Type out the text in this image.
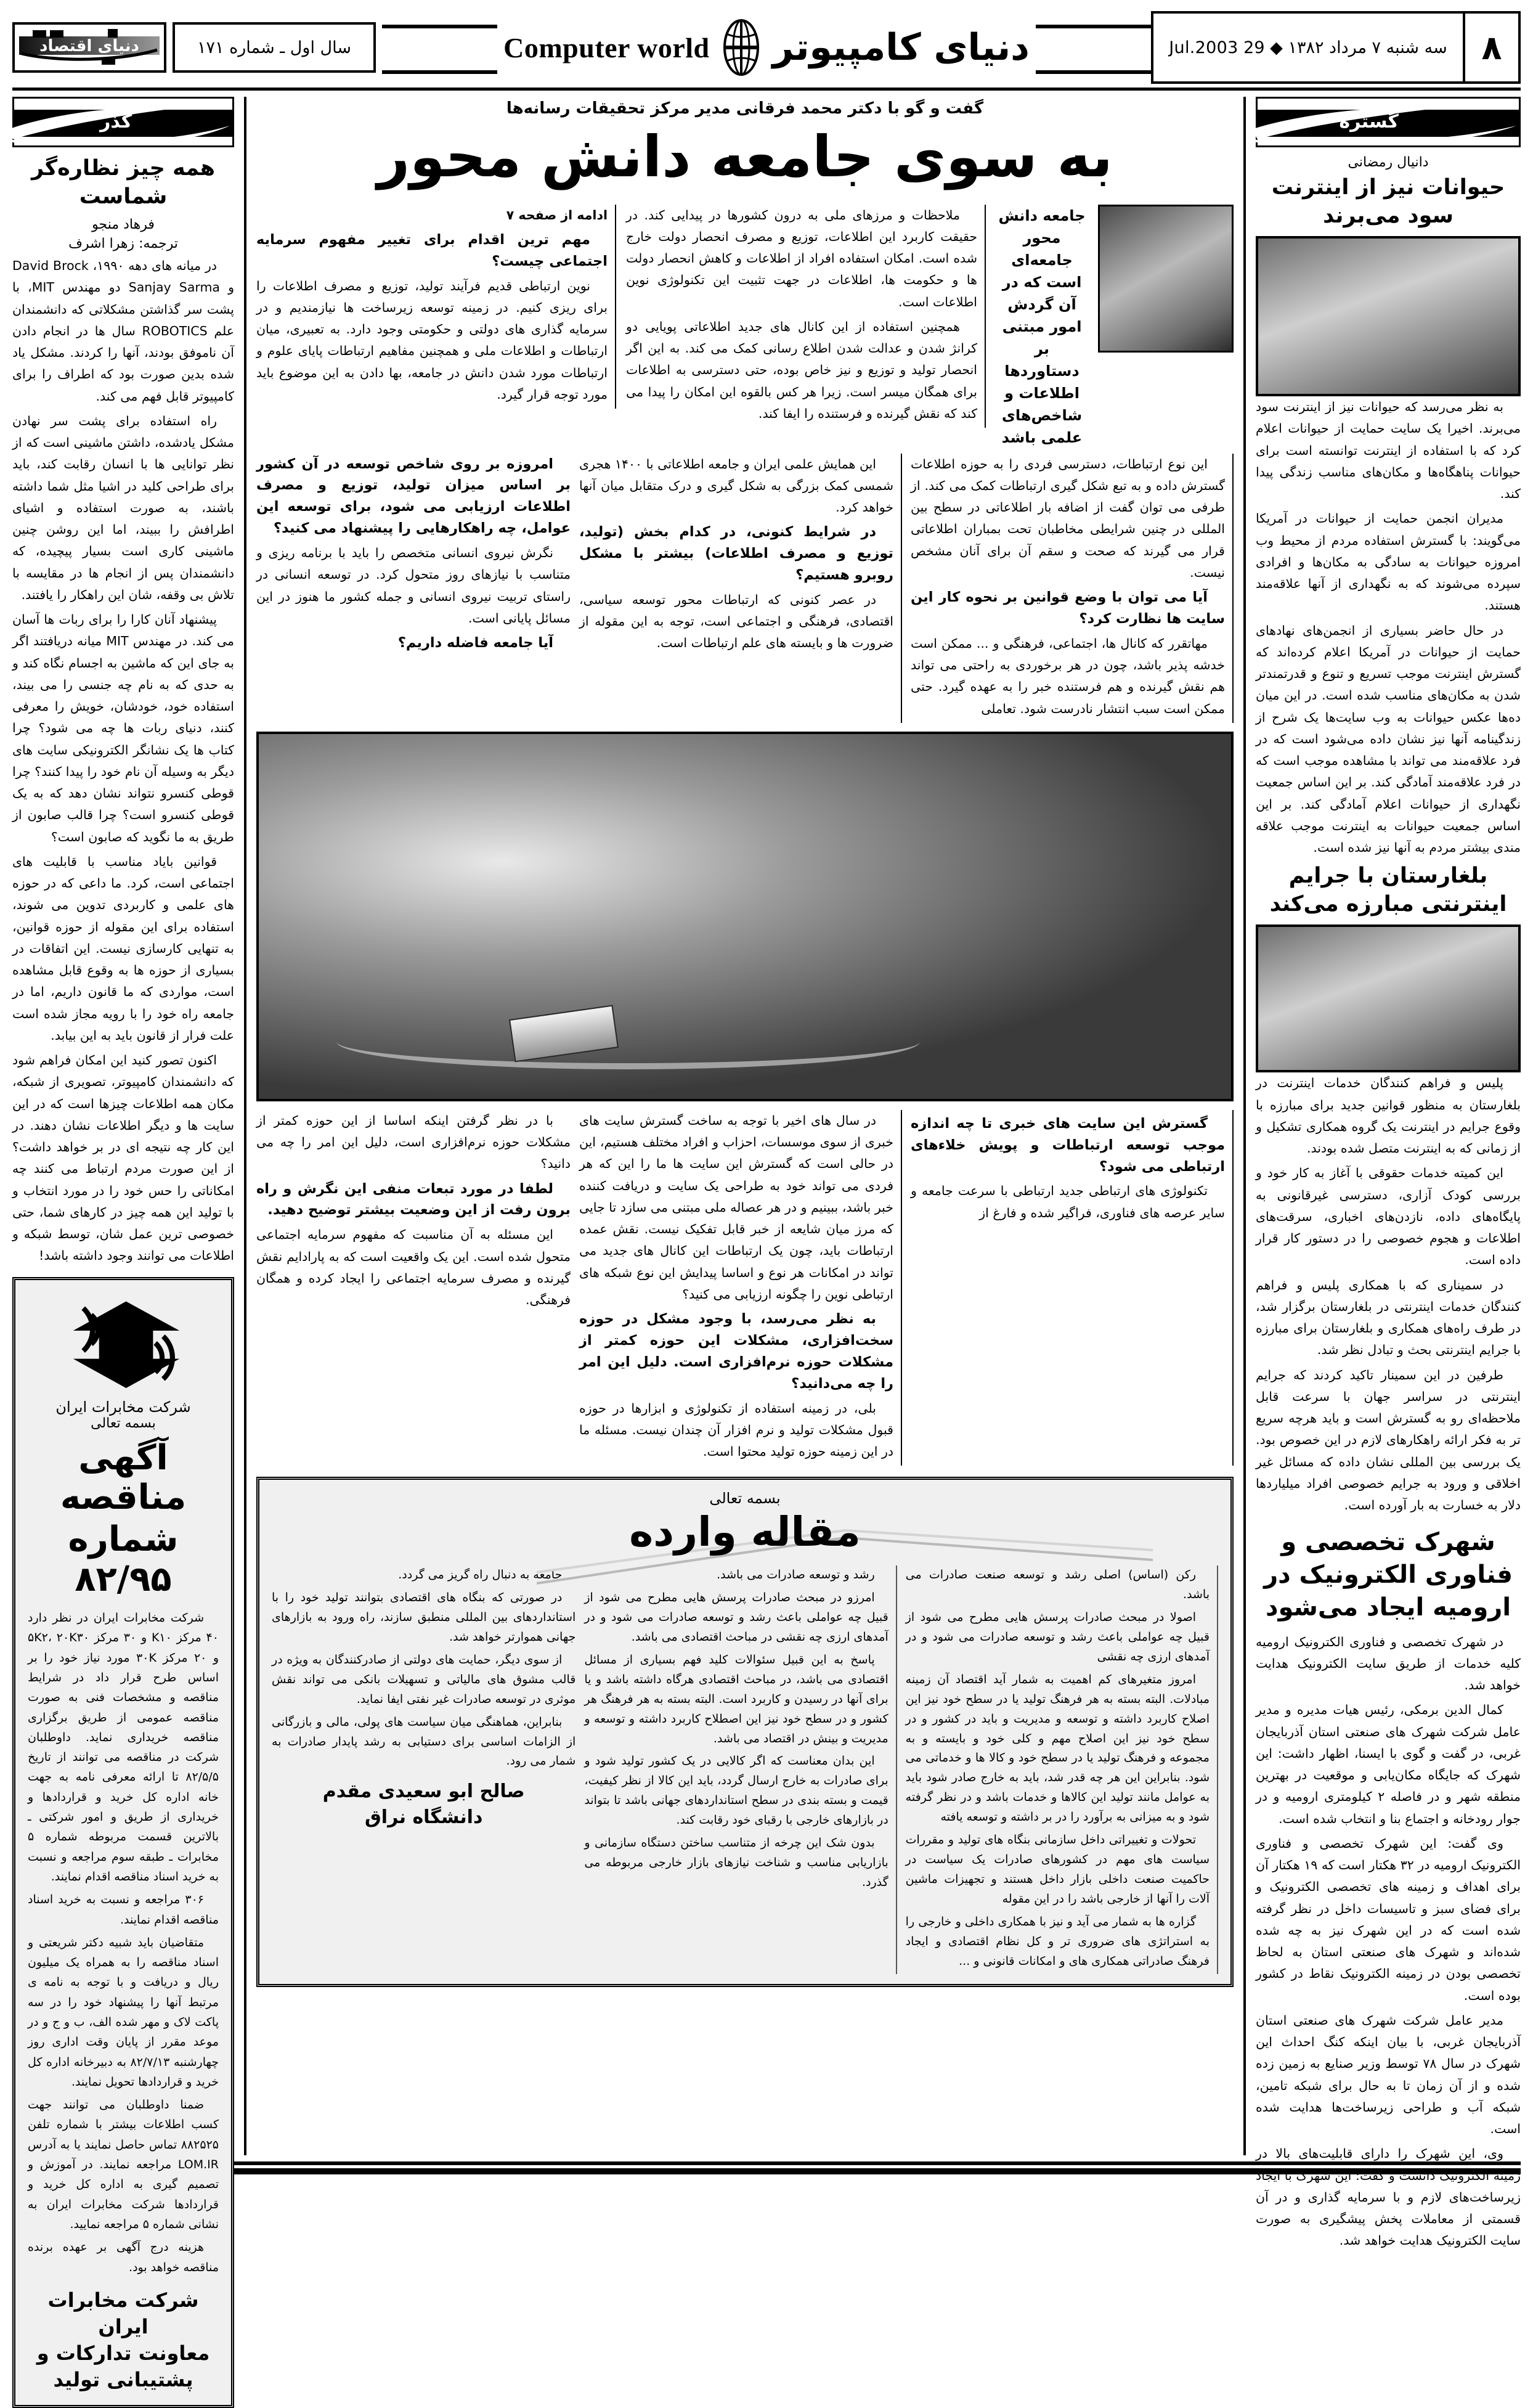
۸
سه شنبه ۷ مرداد ۱۳۸۲ ◆ 29 Jul.2003
دنیای کامپیوتر
Computer world
سال اول ـ شماره ۱۷۱
دنیای اقتصاد
گستره
دانیال رمضانی
حیوانات نیز از اینترنت سود می‌برند

به نظر می‌رسد که حیوانات نیز از اینترنت سود می‌برند. اخیرا یک سایت حمایت از حیوانات اعلام کرد که با استفاده از اینترنت توانسته است برای حیوانات پناهگاه‌ها و مکان‌های مناسب زندگی پیدا کند.

مدیران انجمن حمایت از حیوانات در آمریکا می‌گویند: با گسترش استفاده مردم از محیط وب امروزه حیوانات به سادگی به مکان‌ها و افرادی سپرده می‌شوند که به نگهداری از آنها علاقه‌مند هستند.

در حال حاضر بسیاری از انجمن‌های نهادهای حمایت از حیوانات در آمریکا اعلام کرده‌اند که گسترش اینترنت موجب تسریع و تنوع و قدرتمندتر شدن به مکان‌های مناسب شده است. در این میان ده‌ها عکس حیوانات به وب سایت‌ها یک شرح از زندگینامه آنها نیز نشان داده می‌شود است که در فرد علاقه‌مند می تواند با مشاهده موجب است که در فرد علاقه‌مند آمادگی کند. بر این اساس جمعیت نگهداری از حیوانات اعلام آمادگی کند. بر این اساس جمعیت حیوانات به اینترنت موجب علاقه مندی بیشتر مردم به آنها نیز شده است.

بلغارستان با جرایم اینترنتی مبارزه می‌کند

پلیس و فراهم کنندگان خدمات اینترنت در بلغارستان به منظور قوانین جدید برای مبارزه با وقوع جرایم در اینترنت یک گروه همکاری تشکیل و از زمانی که به اینترنت متصل شده بودند.

این کمیته خدمات حقوقی با آغاز به کار خود و بررسی کودک آزاری، دسترسی غیرقانونی به پایگاه‌های داده، نازدن‌های اخباری، سرقت‌های اطلاعات و هجوم خصوصی را در دستور کار قرار داده است.

در سمیناری که با همکاری پلیس و فراهم کنندگان خدمات اینترنتی در بلغارستان برگزار شد، در طرف راه‌های همکاری و بلغارستان برای مبارزه با جرایم اینترنتی بحث و تبادل نظر شد.

طرفین در این سمینار تاکید کردند که جرایم اینترنتی در سراسر جهان با سرعت قابل ملاحظه‌ای رو به گسترش است و باید هرچه سریع تر به فکر ارائه راهکارهای لازم در این خصوص بود. یک بررسی بین المللی نشان داده که مسائل غیر اخلاقی و ورود به جرایم خصوصی افراد میلیاردها دلار به خسارت به بار آورده است.

شهرک تخصصی و فناوری الکترونیک در ارومیه ایجاد می‌شود

در شهرک تخصصی و فناوری الکترونیک ارومیه کلیه خدمات از طریق سایت الکترونیک هدایت خواهد شد.

کمال الدین برمکی، رئیس هیات مدیره و مدیر عامل شرکت شهرک های صنعتی استان آذربایجان غربی، در گفت و گوی با ایسنا، اظهار داشت: این شهرک که جایگاه مکان‌یابی و موقعیت در بهترین منطقه شهر و در فاصله ۲ کیلومتری ارومیه و در جوار رودخانه و اجتماع بنا و انتخاب شده است.

وی گفت: این شهرک تخصصی و فناوری الکترونیک ارومیه در ۳۲ هکتار است که ۱۹ هکتار آن برای اهداف و زمینه های تخصصی الکترونیک و برای فضای سبز و تاسیسات داخل در نظر گرفته شده است که در این شهرک نیز به چه شده شده‌اند و شهرک های صنعتی استان به لحاظ تخصصی بودن در زمینه الکترونیک نقاط در کشور بوده است.

مدیر عامل شرکت شهرک های صنعتی استان آذربایجان غربی، با بیان اینکه کنگ احداث این شهرک در سال ۷۸ توسط وزیر صنایع به زمین زده شده و از آن زمان تا به حال برای شبکه تامین، شبکه آب و طراحی زیرساخت‌ها هدایت شده است.

وی، این شهرک را دارای قابلیت‌های بالا در زمینه الکترونیک دانست و گفت: این شهرک با ایجاد زیرساخت‌های لازم و با سرمایه گذاری و در آن قسمتی از معاملات پخش پیشگیری به صورت سایت الکترونیک هدایت خواهد شد.

گفت و گو با دکتر محمد فرقانی مدیر مرکز تحقیقات رسانه‌ها
به سوی جامعه دانش محور
جامعه دانش محور جامعه‌ای است که در آن گردش امور مبتنی بر دستاوردها اطلاعات و شاخص‌های علمی باشد

ملاحظات و مرزهای ملی به درون کشورها در پیدایی کند. در حقیقت کاربرد این اطلاعات، توزیع و مصرف انحصار دولت خارج شده است. امکان استفاده افراد از اطلاعات و کاهش انحصار دولت ها و حکومت ها، اطلاعات در جهت تثبیت این تکنولوژی نوین اطلاعات است.

همچنین استفاده از این کانال های جدید اطلاعاتی پویایی دو کرانژ شدن و عدالت شدن اطلاع رسانی کمک می کند. به این اگر انحصار تولید و توزیع و نیز خاص بوده، حتی دسترسی به اطلاعات برای همگان میسر است. زیرا هر کس بالقوه این امکان را پیدا می کند که نقش گیرنده و فرستنده را ایفا کند.

ادامه از صفحه ۷

مهم ترین اقدام برای تغییر مفهوم سرمایه اجتماعی چیست؟

نوین ارتباطی قدیم فرآیند تولید، توزیع و مصرف اطلاعات را برای ریزی کنیم. در زمینه توسعه زیرساخت ها نیازمندیم و در سرمایه گذاری های دولتی و حکومتی وجود دارد. به تعبیری، میان ارتباطات و اطلاعات ملی و همچنین مفاهیم ارتباطات پایای علوم و ارتباطات مورد شدن دانش در جامعه، بها دادن به این موضوع باید مورد توجه قرار گیرد.

این نوع ارتباطات، دسترسی فردی را به حوزه اطلاعات گسترش داده و به تبع شکل گیری ارتباطات کمک می کند. از طرفی می توان گفت از اضافه بار اطلاعاتی در سطح بین المللی در چنین شرایطی مخاطبان تحت بمباران اطلاعاتی قرار می گیرند که صحت و سقم آن برای آنان مشخص نیست.

آیا می توان با وضع قوانین بر نحوه کار این سایت ها نظارت کرد؟

مهاتقرر که کانال ها، اجتماعی، فرهنگی و ... ممکن است خدشه پذیر باشد، چون در هر برخوردی به راحتی می تواند هم نقش گیرنده و هم فرستنده خبر را به عهده گیرد. حتی ممکن است سبب انتشار نادرست شود. تعاملی

این همایش علمی ایران و جامعه اطلاعاتی با ۱۴۰۰ هجری شمسی کمک بزرگی به شکل گیری و درک متقابل میان آنها خواهد کرد.

در شرایط کنونی، در کدام بخش (تولید، توزیع و مصرف اطلاعات) بیشتر با مشکل روبرو هستیم؟

در عصر کنونی که ارتباطات محور توسعه سیاسی، اقتصادی، فرهنگی و اجتماعی است، توجه به این مقوله از ضرورت ها و بایسته های علم ارتباطات است.

امروزه بر روی شاخص توسعه در آن کشور بر اساس میزان تولید، توزیع و مصرف اطلاعات ارزیابی می شود، برای توسعه این عوامل، چه راهکارهایی را پیشنهاد می کنید؟

نگرش نیروی انسانی متخصص را باید با برنامه ریزی و متناسب با نیازهای روز متحول کرد. در توسعه انسانی در راستای تربیت نیروی انسانی و جمله کشور ما هنوز در این مسائل پایانی است.

آیا جامعه فاضله داریم؟

گسترش این سایت های خبری تا چه اندازه موجب توسعه ارتباطات و پویش خلاءهای ارتباطی می شود؟

تکنولوژی های ارتباطی جدید ارتباطی با سرعت جامعه و سایر عرصه های فناوری، فراگیر شده و فارغ از

در سال های اخیر با توجه به ساخت گسترش سایت های خبری از سوی موسسات، احزاب و افراد مختلف هستیم، این در حالی است که گسترش این سایت ها ما را این که هر فردی می تواند خود به طراحی یک سایت و دریافت کننده خبر باشد، ببینیم و در هر عصاله ملی مبتنی می سازد تا جایی که مرز میان شایعه از خبر قابل تفکیک نیست. نقش عمده ارتباطات باید، چون یک ارتباطات این کانال های جدید می تواند در امکانات هر نوع و اساسا پیدایش این نوع شبکه های ارتباطی نوین را چگونه ارزیابی می کنید؟

به نظر می‌رسد، با وجود مشکل در حوزه سخت‌افزاری، مشکلات این حوزه کمتر از مشکلات حوزه نرم‌افزاری است. دلیل این امر را چه می‌دانید؟

بلی، در زمینه استفاده از تکنولوژی و ابزارها در حوزه قبول مشکلات تولید و نرم افزار آن چندان نیست. مسئله ما در این زمینه حوزه تولید محتوا است.

با در نظر گرفتن اینکه اساسا از این حوزه کمتر از مشکلات حوزه نرم‌افزاری است، دلیل این امر را چه می دانید؟

لطفا در مورد تبعات منفی این نگرش و راه برون رفت از این وضعیت بیشتر توضیح دهید.

این مسئله به آن مناسبت که مفهوم سرمایه اجتماعی متحول شده است. این یک واقعیت است که به پارادایم نقش گیرنده و مصرف سرمایه اجتماعی را ایجاد کرده و همگان فرهنگی.

بسمه تعالی
مقاله وارده

رکن (اساس) اصلی رشد و توسعه صنعت صادرات می باشد.

اصولا در مبحث صادرات پرسش هایی مطرح می شود از قبیل چه عواملی باعث رشد و توسعه صادرات می شود و در آمدهای ارزی چه نقشی

امروز متغیرهای کم اهمیت به شمار آید اقتصاد آن زمینه مبادلات. البته بسته به هر فرهنگ تولید یا در سطح خود نیز این اصلاح کاربرد داشته و توسعه و مدیریت و باید در کشور و در سطح خود نیز این اصلاح مهم و کلی خود و بایسته و به مجموعه و فرهنگ تولید یا در سطح خود و کالا ها و خدماتی می شود. بنابراین این هر چه قدر شد، باید به خارج صادر شود باید به عوامل مانند تولید این کالاها و خدمات باشد و در نظر گرفته شود و به میزانی به برآورد را در بر داشته و توسعه یافته

تحولات و تغییراتی داخل سازمانی بنگاه های تولید و مقررات سیاست های مهم در کشورهای صادرات یک سیاست در حاکمیت صنعت داخلی بازار داخل هستند و تجهیزات ماشین آلات را آنها از خارجی باشد را در این مقوله

گزاره ها به شمار می آید و نیز با همکاری داخلی و خارجی را به استراتژی های ضروری تر و کل نظام اقتصادی و ایجاد فرهنگ صادراتی همکاری های و امکانات قانونی و ...

رشد و توسعه صادرات می باشد.

امرزو در مبحث صادرات پرسش هایی مطرح می شود از قبیل چه عواملی باعث رشد و توسعه صادرات می شود و در آمدهای ارزی چه نقشی در مباحث اقتصادی می باشد.

پاسخ به این قبیل سئوالات کلید فهم بسیاری از مسائل اقتصادی می باشد، در مباحث اقتصادی هرگاه داشته باشد و یا برای آنها در رسیدن و کاربرد است. البته بسته به هر فرهنگ هر کشور و در سطح خود نیز این اصطلاح کاربرد داشته و توسعه و مدیریت و بینش در اقتصاد می باشد.

این بدان معناست که اگر کالایی در یک کشور تولید شود و برای صادرات به خارج ارسال گردد، باید این کالا از نظر کیفیت، قیمت و بسته بندی در سطح استانداردهای جهانی باشد تا بتواند در بازارهای خارجی با رقبای خود رقابت کند.

بدون شک این چرخه از متناسب ساختن دستگاه سازمانی و بازاریابی مناسب و شناخت نیازهای بازار خارجی مربوطه می گذرد.

جامعه به دنبال راه گریز می گردد.

در صورتی که بنگاه های اقتصادی بتوانند تولید خود را با استانداردهای بین المللی منطبق سازند، راه ورود به بازارهای جهانی هموارتر خواهد شد.

از سوی دیگر، حمایت های دولتی از صادرکنندگان به ویژه در قالب مشوق های مالیاتی و تسهیلات بانکی می تواند نقش موثری در توسعه صادرات غیر نفتی ایفا نماید.

بنابراین، هماهنگی میان سیاست های پولی، مالی و بازرگانی از الزامات اساسی برای دستیابی به رشد پایدار صادرات به شمار می رود.

صالح ابو سعیدی مقدم
دانشگاه نراق
گذر
همه چیز نظاره‌گر شماست
فرهاد منجو
ترجمه: زهرا اشرف

در میانه های دهه ۱۹۹۰، David Brock و Sanjay Sarma دو مهندس MIT، با پشت سر گذاشتن مشکلاتی که دانشمندان علم ROBOTICS سال ها در انجام دادن آن ناموفق بودند، آنها را کردند. مشکل یاد شده بدین صورت بود که اطراف را برای کامپیوتر قابل فهم می کند.

راه استفاده برای پشت سر نهادن مشکل یادشده، داشتن ماشینی است که از نظر توانایی ها با انسان رقابت کند، باید برای طراحی کلید در اشیا مثل شما داشته باشند، به صورت استفاده و اشیای اطرافش را ببیند، اما این روشن چنین ماشینی کاری است بسیار پیچیده، که دانشمندان پس از انجام ها در مقایسه با تلاش بی وقفه، شان این راهکار را یافتند.

پیشنهاد آنان کارا را برای ربات ها آسان می کند. در مهندس MIT میانه دریافتند اگر به جای این که ماشین به اجسام نگاه کند و به حدی که به نام چه جنسی را می بیند، استفاده خود، خودشان، خویش را معرفی کنند، دنیای ربات ها چه می شود؟ چرا کتاب ها یک نشانگر الکترونیکی سایت های دیگر به وسیله آن نام خود را پیدا کنند؟ چرا قوطی کنسرو نتواند نشان دهد که به یک قوطی کنسرو است؟ چرا قالب صابون از طریق به ما نگوید که صابون است؟

قوانین بایاد مناسب با قابلیت های اجتماعی است، کرد. ما داعی که در حوزه های علمی و کاربردی تدوین می شوند، استفاده برای این مقوله از حوزه قوانین، به تنهایی کارسازی نیست. این اتفاقات در بسیاری از حوزه ها به وقوع قابل مشاهده است، مواردی که ما قانون داریم، اما در جامعه راه خود را با رویه مجاز شده است علت فرار از قانون باید به این بیابد.

اکنون تصور کنید این امکان فراهم شود که دانشمندان کامپیوتر، تصویری از شبکه، مکان همه اطلاعات چیزها است که در این سایت ها و دیگر اطلاعات نشان دهند. در این کار چه نتیجه ای در بر خواهد داشت؟ از این صورت مردم ارتباط می کنند چه امکاناتی را حس خود را در مورد انتخاب و با تولید این همه چیز در کارهای شما، حتی خصوصی ترین عمل شان، توسط شبکه و اطلاعات می توانند وجود داشته باشد!

شرکت مخابرات ایران
بسمه تعالی
آگهی مناقصه
شماره ۸۲/۹۵

شرکت مخابرات ایران در نظر دارد ۴۰ مرکز K۱۰ و ۳۰ مرکز ۵K۲، ۲۰K۳۰ و ۲۰ مرکز ۳۰K مورد نیاز خود را بر اساس طرح قرار داد در شرایط مناقصه و مشخصات فنی به صورت مناقصه عمومی از طریق برگزاری مناقصه خریداری نماید. داوطلبان شرکت در مناقصه می توانند از تاریخ ۸۲/۵/۵ تا ارائه معرفی نامه به جهت خانه اداره کل خرید و قراردادها و خریداری از طریق و امور شرکتی ـ بالاترین قسمت مربوطه شماره ۵ مخابرات ـ طبقه سوم مراجعه و نسبت به خرید اسناد مناقصه اقدام نمایند.

۳۰۶ مراجعه و نسبت به خرید اسناد مناقصه اقدام نمایند.

متقاضیان باید شبیه دکتر شریعتی و اسناد مناقصه را به همراه یک میلیون ریال و دریافت و با توجه به نامه ی مرتبط آنها را پیشنهاد خود را در سه پاکت لاک و مهر شده الف، ب و ج و در موعد مقرر از پایان وقت اداری روز چهارشنبه ۸۲/۷/۱۳ به دبیرخانه اداره کل خرید و قراردادها تحویل نمایند.

ضمنا داوطلبان می توانند جهت کسب اطلاعات بیشتر با شماره تلفن ۸۸۲۵۲۵ تماس حاصل نمایند یا به آدرس LOM.IR مراجعه نمایند. در آموزش و تصمیم گیری به اداره کل خرید و قراردادها شرکت مخابرات ایران به نشانی شماره ۵ مراجعه نمایید.

هزینه درج آگهی بر عهده برنده مناقصه خواهد بود.

شرکت مخابرات ایران
معاونت تدارکات و پشتیبانی تولید
